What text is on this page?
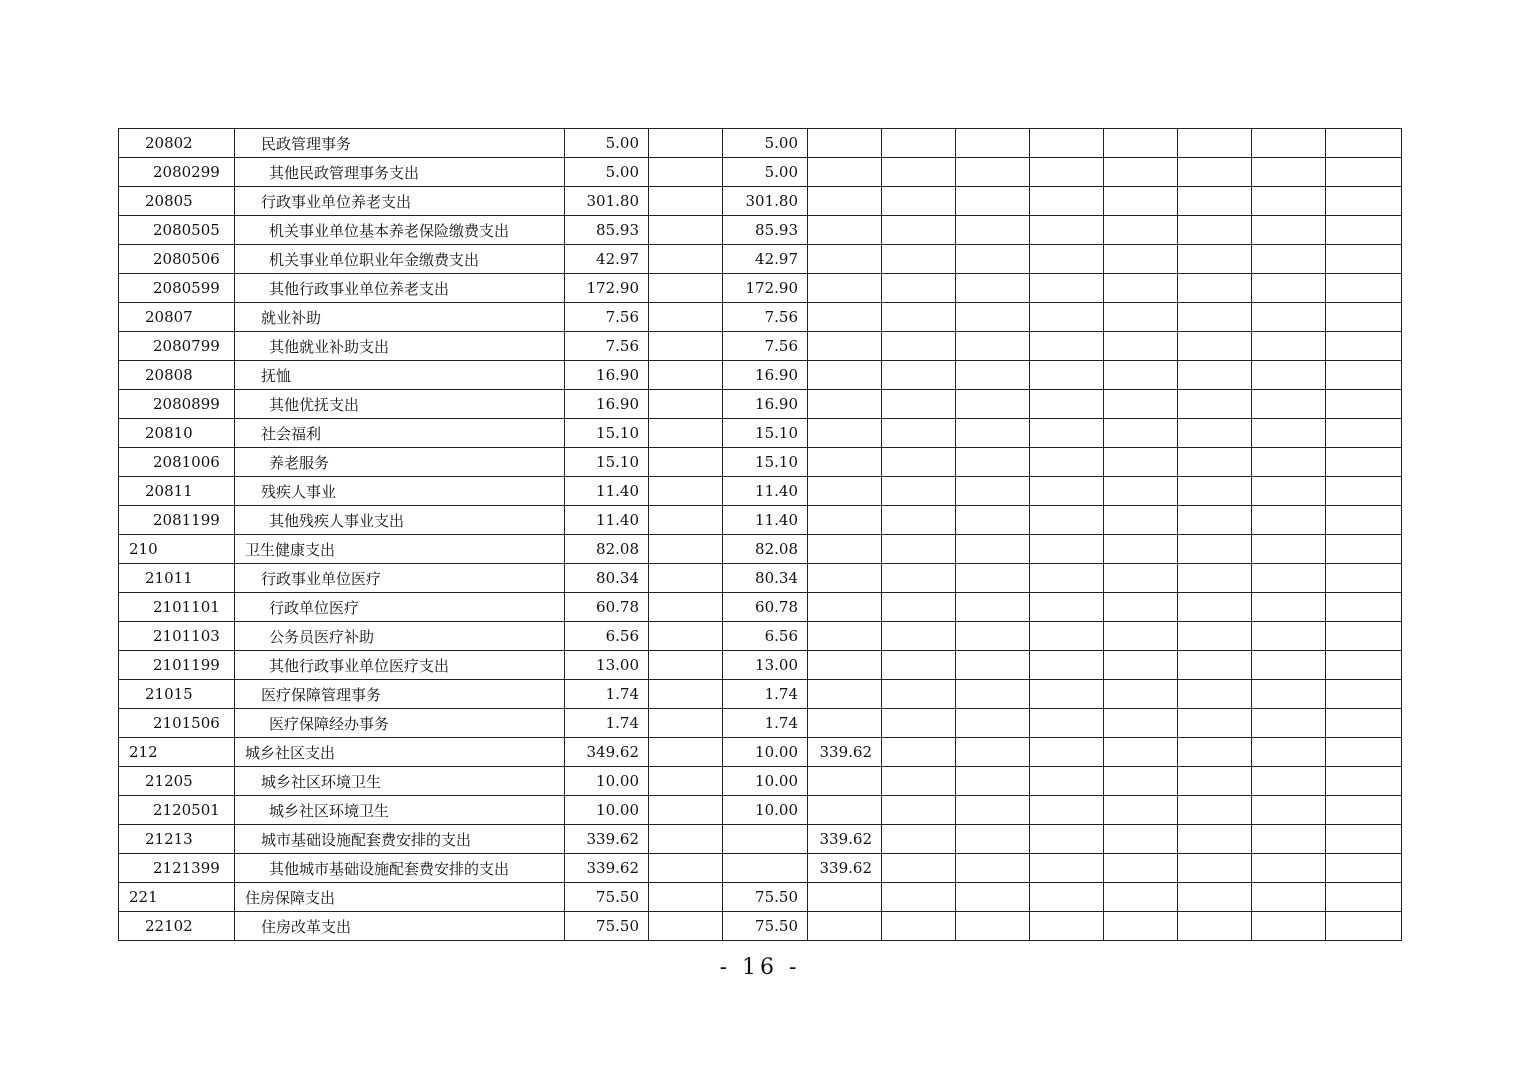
20802	民政管理事务	5.00		5.00								
2080299	其他民政管理事务支出	5.00		5.00								
20805	行政事业单位养老支出	301.80		301.80								
2080505	机关事业单位基本养老保险缴费支出	85.93		85.93								
2080506	机关事业单位职业年金缴费支出	42.97		42.97								
2080599	其他行政事业单位养老支出	172.90		172.90								
20807	就业补助	7.56		7.56								
2080799	其他就业补助支出	7.56		7.56								
20808	抚恤	16.90		16.90								
2080899	其他优抚支出	16.90		16.90								
20810	社会福利	15.10		15.10								
2081006	养老服务	15.10		15.10								
20811	残疾人事业	11.40		11.40								
2081199	其他残疾人事业支出	11.40		11.40								
210	卫生健康支出	82.08		82.08								
21011	行政事业单位医疗	80.34		80.34								
2101101	行政单位医疗	60.78		60.78								
2101103	公务员医疗补助	6.56		6.56								
2101199	其他行政事业单位医疗支出	13.00		13.00								
21015	医疗保障管理事务	1.74		1.74								
2101506	医疗保障经办事务	1.74		1.74								
212	城乡社区支出	349.62		10.00	339.62							
21205	城乡社区环境卫生	10.00		10.00								
2120501	城乡社区环境卫生	10.00		10.00								
21213	城市基础设施配套费安排的支出	339.62			339.62							
2121399	其他城市基础设施配套费安排的支出	339.62			339.62							
221	住房保障支出	75.50		75.50								
22102	住房改革支出	75.50		75.50								
- 16 -
